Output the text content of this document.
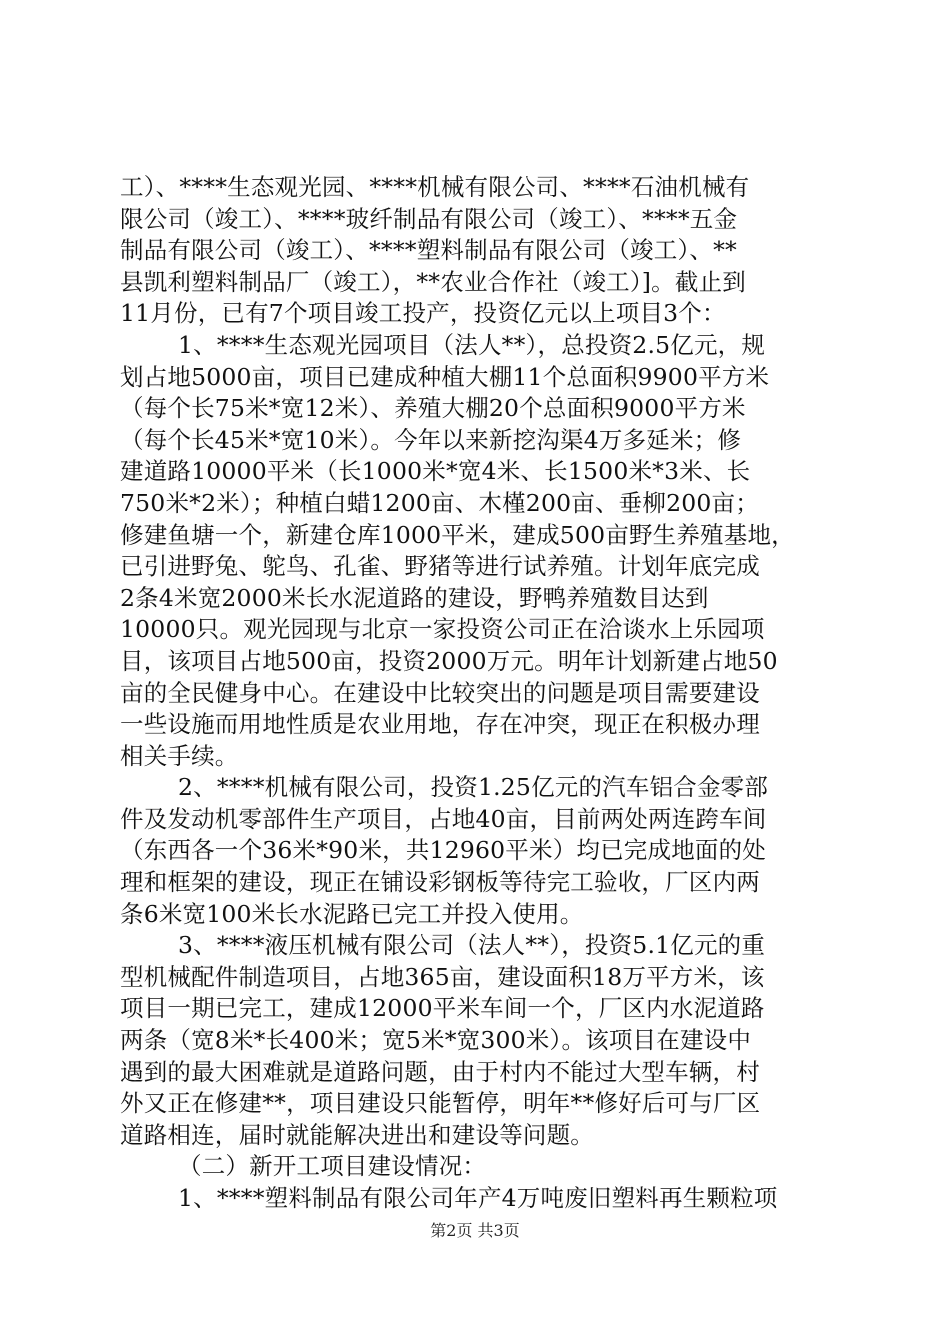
工）、****生态观光园、****机械有限公司、****石油机械有
限公司（竣工）、****玻纤制品有限公司（竣工）、****五金
制品有限公司（竣工）、****塑料制品有限公司（竣工）、**
县凯利塑料制品厂（竣工），**农业合作社（竣工）]。截止到
11月份，已有7个项目竣工投产，投资亿元以上项目3个：
1、****生态观光园项目（法人**），总投资2.5亿元，规
划占地5000亩，项目已建成种植大棚11个总面积9900平方米
（每个长75米*宽12米）、养殖大棚20个总面积9000平方米
（每个长45米*宽10米）。今年以来新挖沟渠4万多延米；修
建道路10000平米（长1000米*宽4米、长1500米*3米、长
750米*2米）；种植白蜡1200亩、木槿200亩、垂柳200亩；
修建鱼塘一个，新建仓库1000平米，建成500亩野生养殖基地，
已引进野兔、鸵鸟、孔雀、野猪等进行试养殖。计划年底完成
2条4米宽2000米长水泥道路的建设，野鸭养殖数目达到
10000只。观光园现与北京一家投资公司正在洽谈水上乐园项
目，该项目占地500亩，投资2000万元。明年计划新建占地50
亩的全民健身中心。在建设中比较突出的问题是项目需要建设
一些设施而用地性质是农业用地，存在冲突，现正在积极办理
相关手续。
2、****机械有限公司，投资1.25亿元的汽车铝合金零部
件及发动机零部件生产项目，占地40亩，目前两处两连跨车间
（东西各一个36米*90米，共12960平米）均已完成地面的处
理和框架的建设，现正在铺设彩钢板等待完工验收，厂区内两
条6米宽100米长水泥路已完工并投入使用。
3、****液压机械有限公司（法人**），投资5.1亿元的重
型机械配件制造项目，占地365亩，建设面积18万平方米，该
项目一期已完工，建成12000平米车间一个，厂区内水泥道路
两条（宽8米*长400米；宽5米*宽300米）。该项目在建设中
遇到的最大困难就是道路问题，由于村内不能过大型车辆，村
外又正在修建**，项目建设只能暂停，明年**修好后可与厂区
道路相连，届时就能解决进出和建设等问题。
（二）新开工项目建设情况：
1、****塑料制品有限公司年产4万吨废旧塑料再生颗粒项
第2页 共3页
